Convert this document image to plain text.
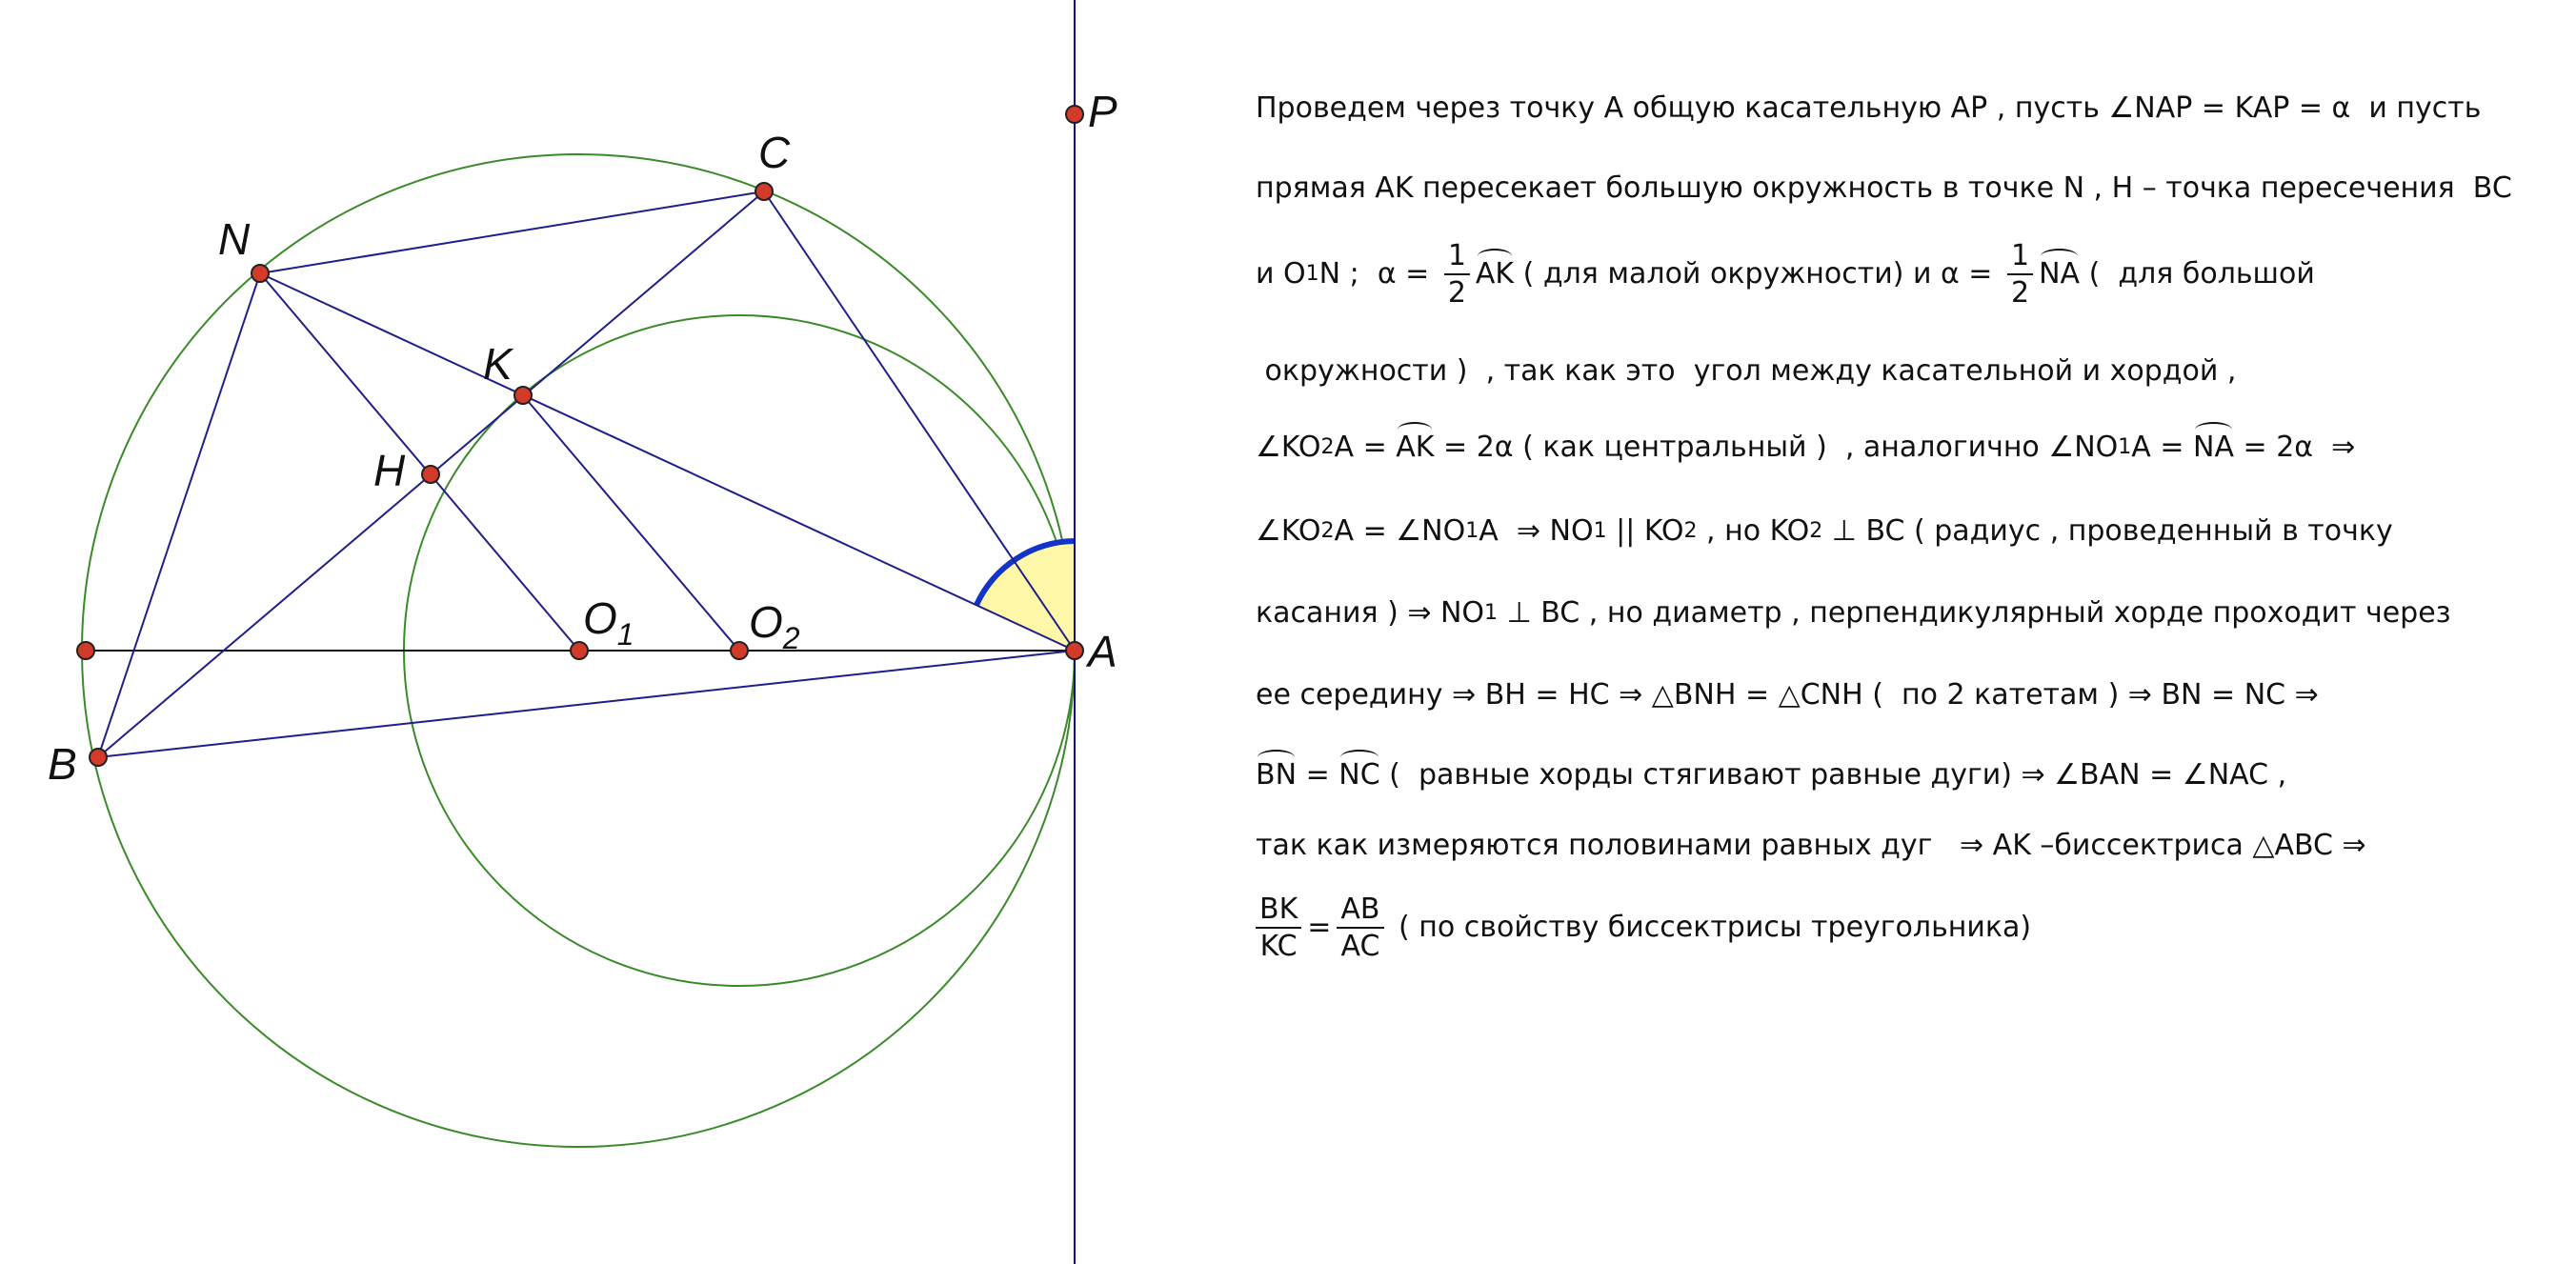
P
C
N
K
H
$O_1$	$O_2$	A
B
Проведем через точку A общую касательную AP , пусть ∠NAP = KAP = α  и пусть
прямая AK пересекает большую окружность в точке N , H – точка пересечения  BC
и O 1 N ;  $\alpha = \frac{1}{2}$ AK ( для малой окружности) и $\alpha = \frac{1}{2}$ NA (  для большой
окружности )  , так как это  угол между касательной и хордой ,
∠KO 2 A = AK = 2α ( как центральный )  , аналогично ∠NO 1 A = NA = 2α  ⇒
∠KO 2 A = ∠NO 1 A  ⇒ NO 1 || KO 2 , но KO 2 ⊥ BC ( радиус , проведенный в точку
касания ) ⇒ NO 1 ⊥ BC , но диаметр , перпендикулярный хорде проходит через
ее середину ⇒ BH = HC ⇒ △BNH = △CNH (  по 2 катетам ) ⇒ BN = NC ⇒
BN = NC (  равные хорды стягивают равные дуги) ⇒ ∠BAN = ∠NAC ,
так как измеряются половинами равных дуг   ⇒ AK –биссектриса △ABC ⇒
$\frac{BK}{KC} = \frac{AB}{AC}$ ( по свойству биссектрисы треугольника)
